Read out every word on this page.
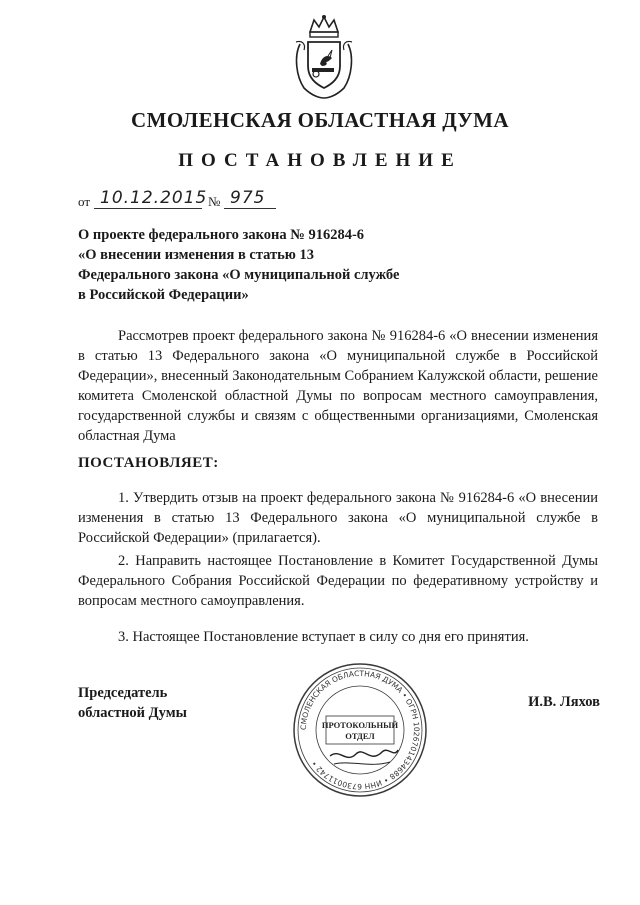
СМОЛЕНСКАЯ ОБЛАСТНАЯ ДУМА
ПОСТАНОВЛЕНИЕ
от 10.12.2015 № 975
О проекте федерального закона № 916284-6
«О внесении изменения в статью 13
Федерального закона «О муниципальной службе
в Российской Федерации»
Рассмотрев проект федерального закона № 916284-6 «О внесении изменения в статью 13 Федерального закона «О муниципальной службе в Российской Федерации», внесенный Законодательным Собранием Калужской области, решение комитета Смоленской областной Думы по вопросам местного самоуправления, государственной службы и связям с общественными организациями, Смоленская областная Дума
ПОСТАНОВЛЯЕТ:
1. Утвердить отзыв на проект федерального закона № 916284-6 «О внесении изменения в статью 13 Федерального закона «О муниципальной службе в Российской Федерации» (прилагается).
2. Направить настоящее Постановление в Комитет Государственной Думы Федерального Собрания Российской Федерации по федеративному устройству и вопросам местного самоуправления.
3. Настоящее Постановление вступает в силу со дня его принятия.
Председатель
областной Думы
СМОЛЕНСКАЯ ОБЛАСТНАЯ ДУМА • ОГРН 1026701434688 • ИНН 6730011742 •
ПРОТОКОЛЬНЫЙ
ОТДЕЛ
И.В. Ляхов
